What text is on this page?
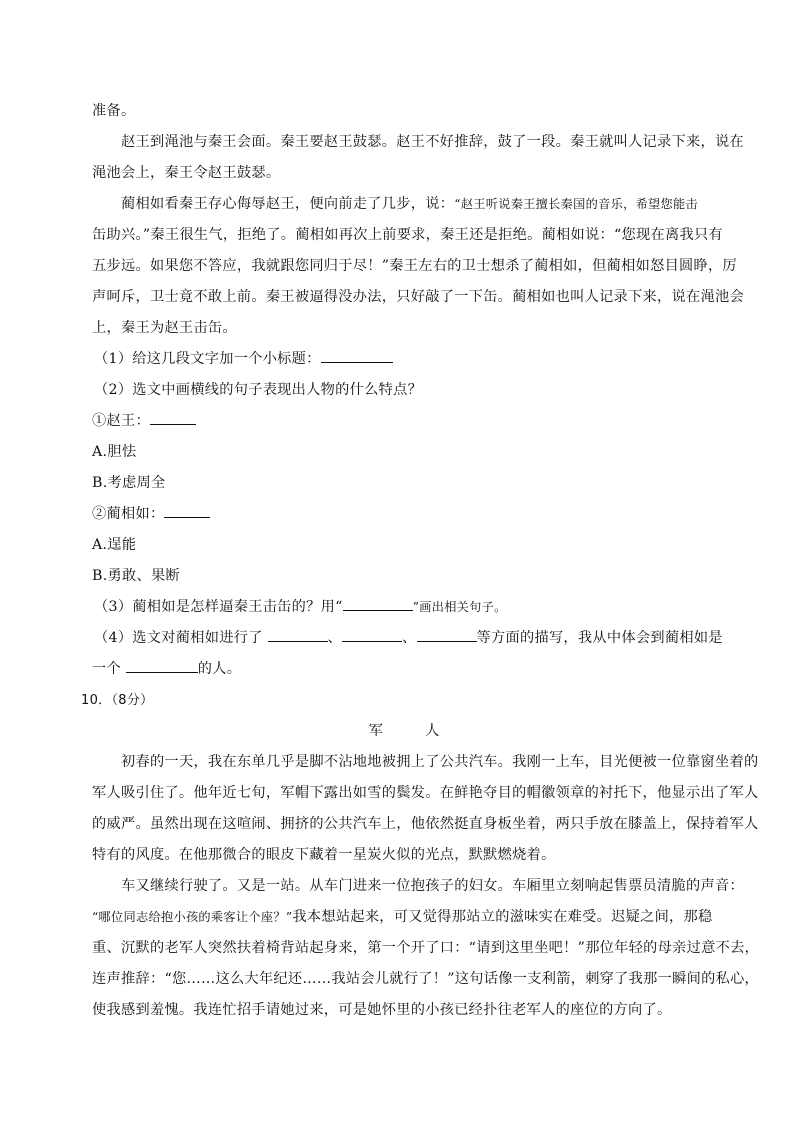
准备。
赵王到渑池与秦王会面。秦王要赵王鼓瑟。赵王不好推辞，鼓了一段。秦王就叫人记录下来，说在
渑池会上，秦王令赵王鼓瑟。
蔺相如看秦王存心侮辱赵王，便向前走了几步，说：“赵王听说秦王擅长秦国的音乐，希望您能击
缶助兴。”秦王很生气，拒绝了。蔺相如再次上前要求，秦王还是拒绝。蔺相如说：“您现在离我只有
五步远。如果您不答应，我就跟您同归于尽！”秦王左右的卫士想杀了蔺相如，但蔺相如怒目圆睁，厉
声呵斥，卫士竟不敢上前。秦王被逼得没办法，只好敲了一下缶。蔺相如也叫人记录下来，说在渑池会
上，秦王为赵王击缶。
（1）给这几段文字加一个小标题：
（2）选文中画横线的句子表现出人物的什么特点？
①赵王：
A.胆怯
B.考虑周全
②蔺相如：
A.逞能
B.勇敢、果断
（3）蔺相如是怎样逼秦王击缶的？用“	”画出相关句子。
（4）选文对蔺相如进行了	、	、	等方面的描写，我从中体会到蔺相如是
一个	的人。
10．（8分）
军　人
初春的一天，我在东单几乎是脚不沾地地被拥上了公共汽车。我刚一上车，目光便被一位靠窗坐着的
军人吸引住了。他年近七旬，军帽下露出如雪的鬓发。在鲜艳夺目的帽徽领章的衬托下，他显示出了军人
的威严。虽然出现在这喧闹、拥挤的公共汽车上，他依然挺直身板坐着，两只手放在膝盖上，保持着军人
特有的风度。在他那微合的眼皮下藏着一星炭火似的光点，默默燃烧着。
车又继续行驶了。又是一站。从车门进来一位抱孩子的妇女。车厢里立刻响起售票员清脆的声音：
“哪位同志给抱小孩的乘客让个座？”我本想站起来，可又觉得那站立的滋味实在难受。迟疑之间，那稳
重、沉默的老军人突然扶着椅背站起身来，第一个开了口：“请到这里坐吧！”那位年轻的母亲过意不去，
连声推辞：“您……这么大年纪还……我站会儿就行了！”这句话像一支利箭，刺穿了我那一瞬间的私心，
使我感到羞愧。我连忙招手请她过来，可是她怀里的小孩已经扑往老军人的座位的方向了。
